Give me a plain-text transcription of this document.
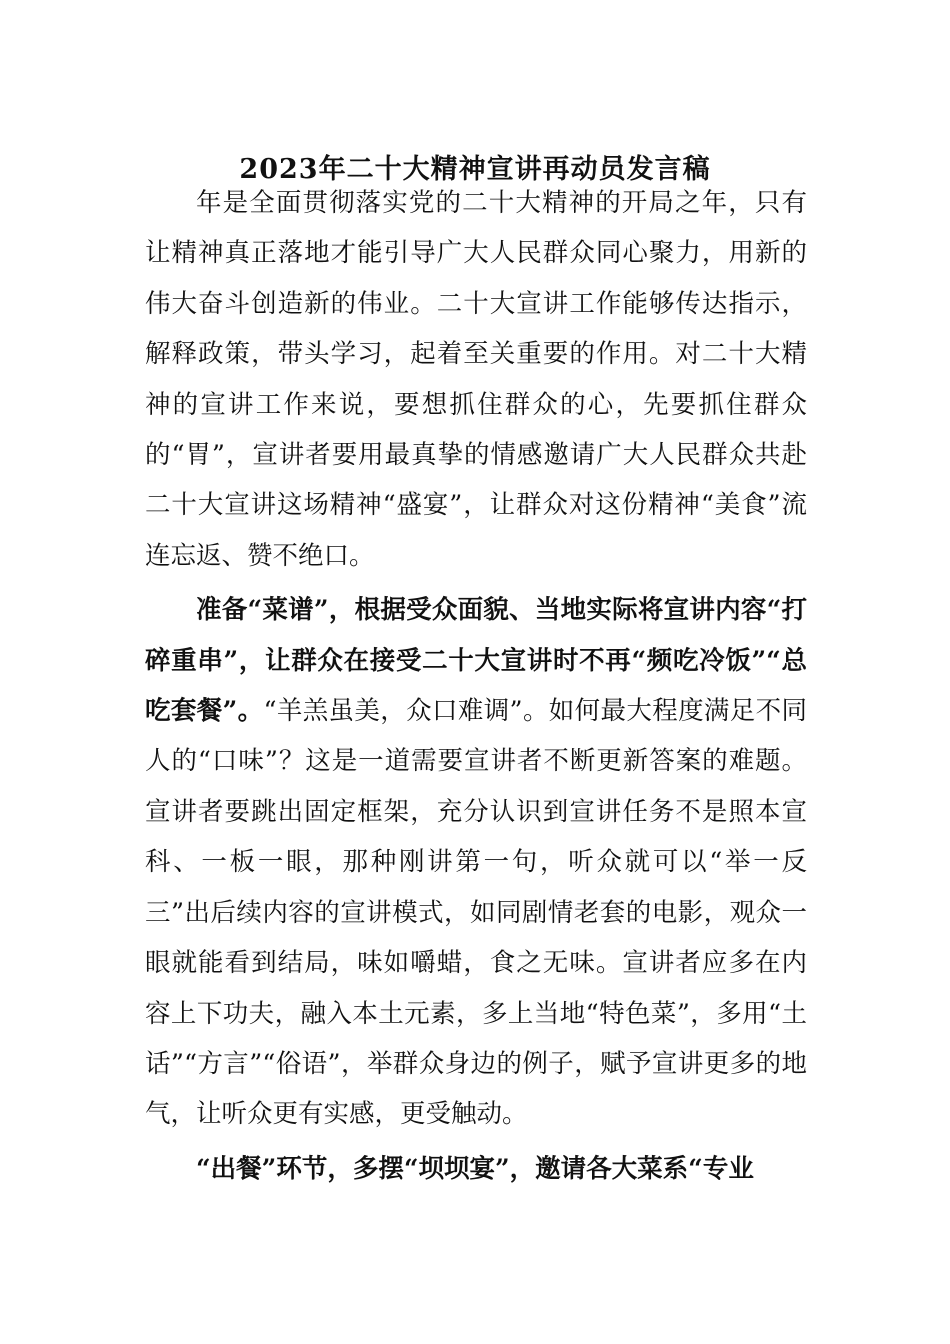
2023年二十大精神宣讲再动员发言稿

年是全面贯彻落实党的二十大精神的开局之年，只有让精神真正落地才能引导广大人民群众同心聚力，用新的伟大奋斗创造新的伟业。二十大宣讲工作能够传达指示，解释政策，带头学习，起着至关重要的作用。对二十大精神的宣讲工作来说，要想抓住群众的心，先要抓住群众的“胃”，宣讲者要用最真挚的情感邀请广大人民群众共赴二十大宣讲这场精神“盛宴”，让群众对这份精神“美食”流连忘返、赞不绝口。

准备“菜谱”，根据受众面貌、当地实际将宣讲内容“打碎重串”，让群众在接受二十大宣讲时不再“频吃冷饭”“总吃套餐”。“羊羔虽美，众口难调”。如何最大程度满足不同人的“口味”？这是一道需要宣讲者不断更新答案的难题。宣讲者要跳出固定框架，充分认识到宣讲任务不是照本宣科、一板一眼，那种刚讲第一句，听众就可以“举一反三”出后续内容的宣讲模式，如同剧情老套的电影，观众一眼就能看到结局，味如嚼蜡，食之无味。宣讲者应多在内容上下功夫，融入本土元素，多上当地“特色菜”，多用“土话”“方言”“俗语”，举群众身边的例子，赋予宣讲更多的地气，让听众更有实感，更受触动。

“出餐”环节，多摆“坝坝宴”，邀请各大菜系“专业
